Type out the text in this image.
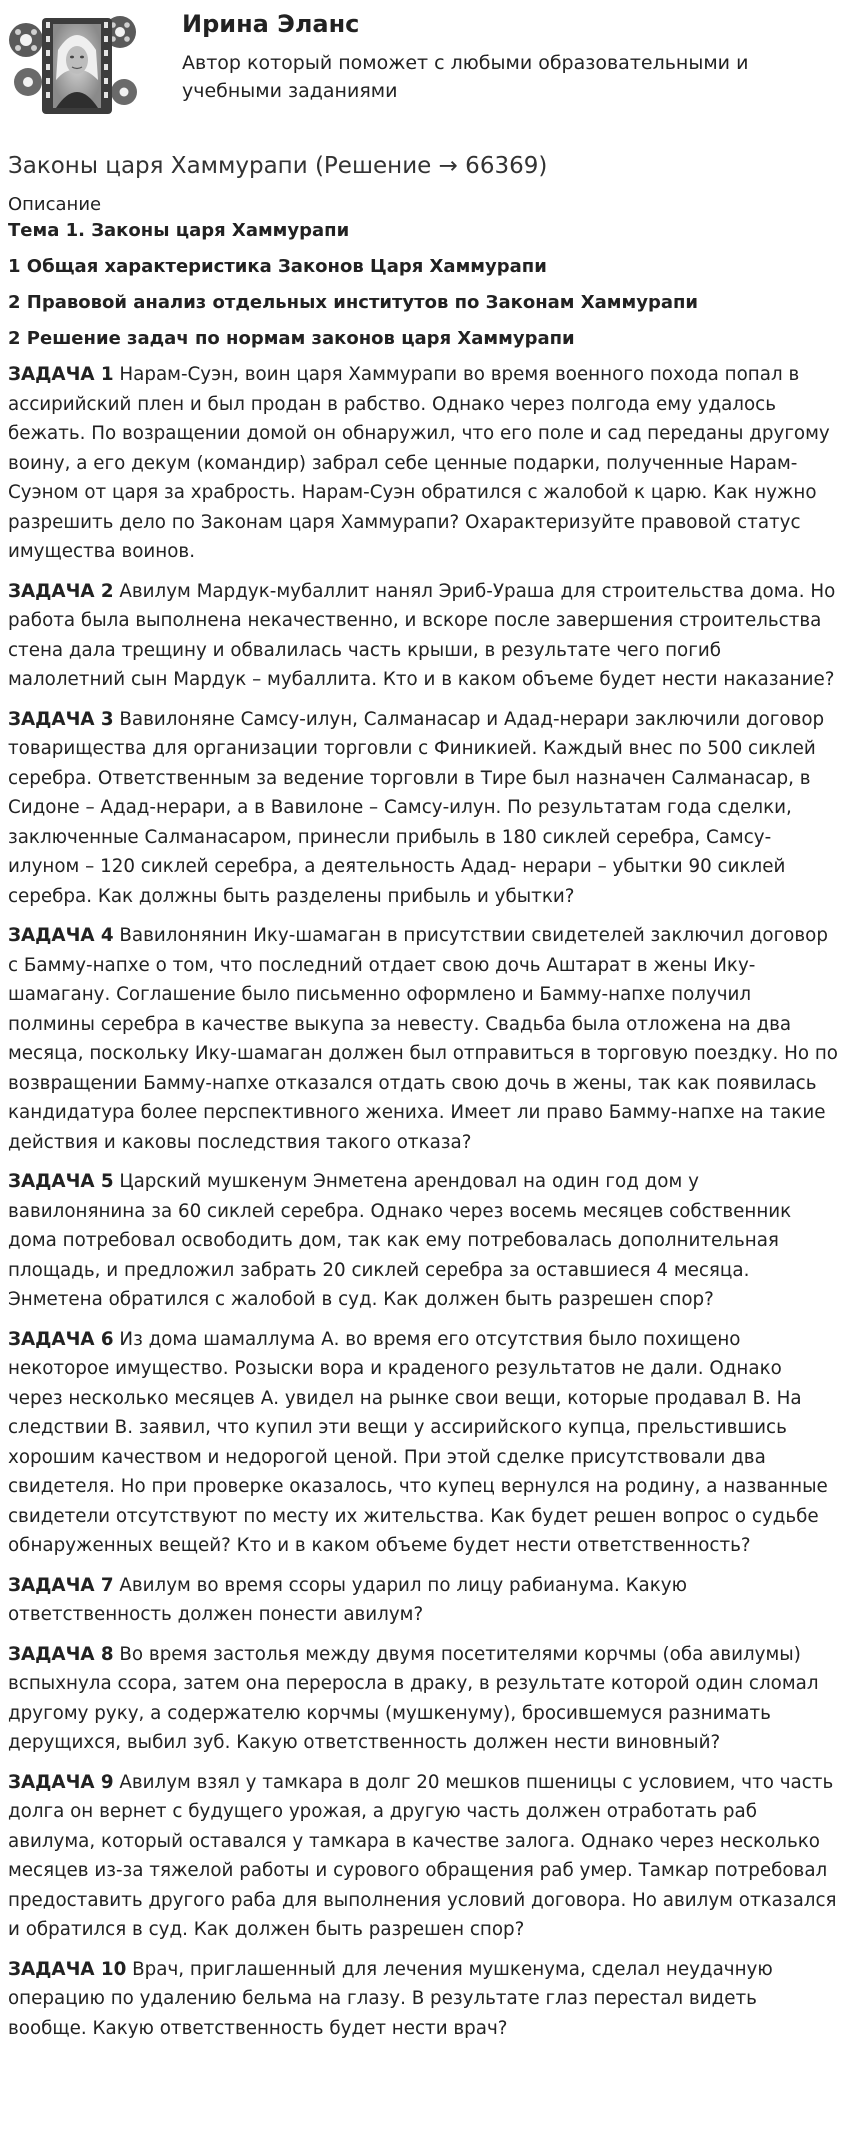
Ирина Эланс
Автор который поможет с любыми образовательными и учебными заданиями
Законы царя Хаммурапи (Решение → 66369)
Описание
Тема 1. Законы царя Хаммурапи
1 Общая характеристика Законов Царя Хаммурапи
2 Правовой анализ отдельных институтов по Законам Хаммурапи
2 Решение задач по нормам законов царя Хаммурапи

ЗАДАЧА 1 Нарам-Суэн, воин царя Хаммурапи во время военного похода попал в ассирийский плен и был продан в рабство. Однако через полгода ему удалось бежать. По возращении домой он обнаружил, что его поле и сад переданы другому воину, а его декум (командир) забрал себе ценные подарки, полученные Нарам-Суэном от царя за храбрость. Нарам-Суэн обратился с жалобой к царю. Как нужно разрешить дело по Законам царя Хаммурапи? Охарактеризуйте правовой статус имущества воинов.

ЗАДАЧА 2 Авилум Мардук-мубаллит нанял Эриб-Ураша для строительства дома. Но работа была выполнена некачественно, и вскоре после завершения строительства стена дала трещину и обвалилась часть крыши, в результате чего погиб малолетний сын Мардук – мубаллита. Кто и в каком объеме будет нести наказание?

ЗАДАЧА 3 Вавилоняне Самсу-илун, Салманасар и Адад-нерари заключили договор товарищества для организации торговли с Финикией. Каждый внес по 500 сиклей серебра. Ответственным за ведение торговли в Тире был назначен Салманасар, в Сидоне – Адад-нерари, а в Вавилоне – Самсу-илун. По результатам года сделки, заключенные Салманасаром, принесли прибыль в 180 сиклей серебра, Самсу-илуном – 120 сиклей серебра, а деятельность Адад- нерари – убытки 90 сиклей серебра. Как должны быть разделены прибыль и убытки?

ЗАДАЧА 4 Вавилонянин Ику-шамаган в присутствии свидетелей заключил договор с Бамму-напхе о том, что последний отдает свою дочь Аштарат в жены Ику-шамагану. Соглашение было письменно оформлено и Бамму-напхе получил полмины серебра в качестве выкупа за невесту. Свадьба была отложена на два месяца, поскольку Ику-шамаган должен был отправиться в торговую поездку. Но по возвращении Бамму-напхе отказался отдать свою дочь в жены, так как появилась кандидатура более перспективного жениха. Имеет ли право Бамму-напхе на такие действия и каковы последствия такого отказа?

ЗАДАЧА 5 Царский мушкенум Энметена арендовал на один год дом у вавилонянина за 60 сиклей серебра. Однако через восемь месяцев собственник дома потребовал освободить дом, так как ему потребовалась дополнительная площадь, и предложил забрать 20 сиклей серебра за оставшиеся 4 месяца. Энметена обратился с жалобой в суд. Как должен быть разрешен спор?

ЗАДАЧА 6 Из дома шамаллума А. во время его отсутствия было похищено некоторое имущество. Розыски вора и краденого результатов не дали. Однако через несколько месяцев А. увидел на рынке свои вещи, которые продавал В. На следствии В. заявил, что купил эти вещи у ассирийского купца, прельстившись хорошим качеством и недорогой ценой. При этой сделке присутствовали два свидетеля. Но при проверке оказалось, что купец вернулся на родину, а названные свидетели отсутствуют по месту их жительства. Как будет решен вопрос о судьбе обнаруженных вещей? Кто и в каком объеме будет нести ответственность?

ЗАДАЧА 7 Авилум во время ссоры ударил по лицу рабианума. Какую ответственность должен понести авилум?

ЗАДАЧА 8 Во время застолья между двумя посетителями корчмы (оба авилумы) вспыхнула ссора, затем она переросла в драку, в результате которой один сломал другому руку, а содержателю корчмы (мушкенуму), бросившемуся разнимать дерущихся, выбил зуб. Какую ответственность должен нести виновный?

ЗАДАЧА 9 Авилум взял у тамкара в долг 20 мешков пшеницы с условием, что часть долга он вернет с будущего урожая, а другую часть должен отработать раб авилума, который оставался у тамкара в качестве залога. Однако через несколько месяцев из-за тяжелой работы и сурового обращения раб умер. Тамкар потребовал предоставить другого раба для выполнения условий договора. Но авилум отказался и обратился в суд. Как должен быть разрешен спор?

ЗАДАЧА 10 Врач, приглашенный для лечения мушкенума, сделал неудачную операцию по удалению бельма на глазу. В результате глаз перестал видеть вообще. Какую ответственность будет нести врач?
